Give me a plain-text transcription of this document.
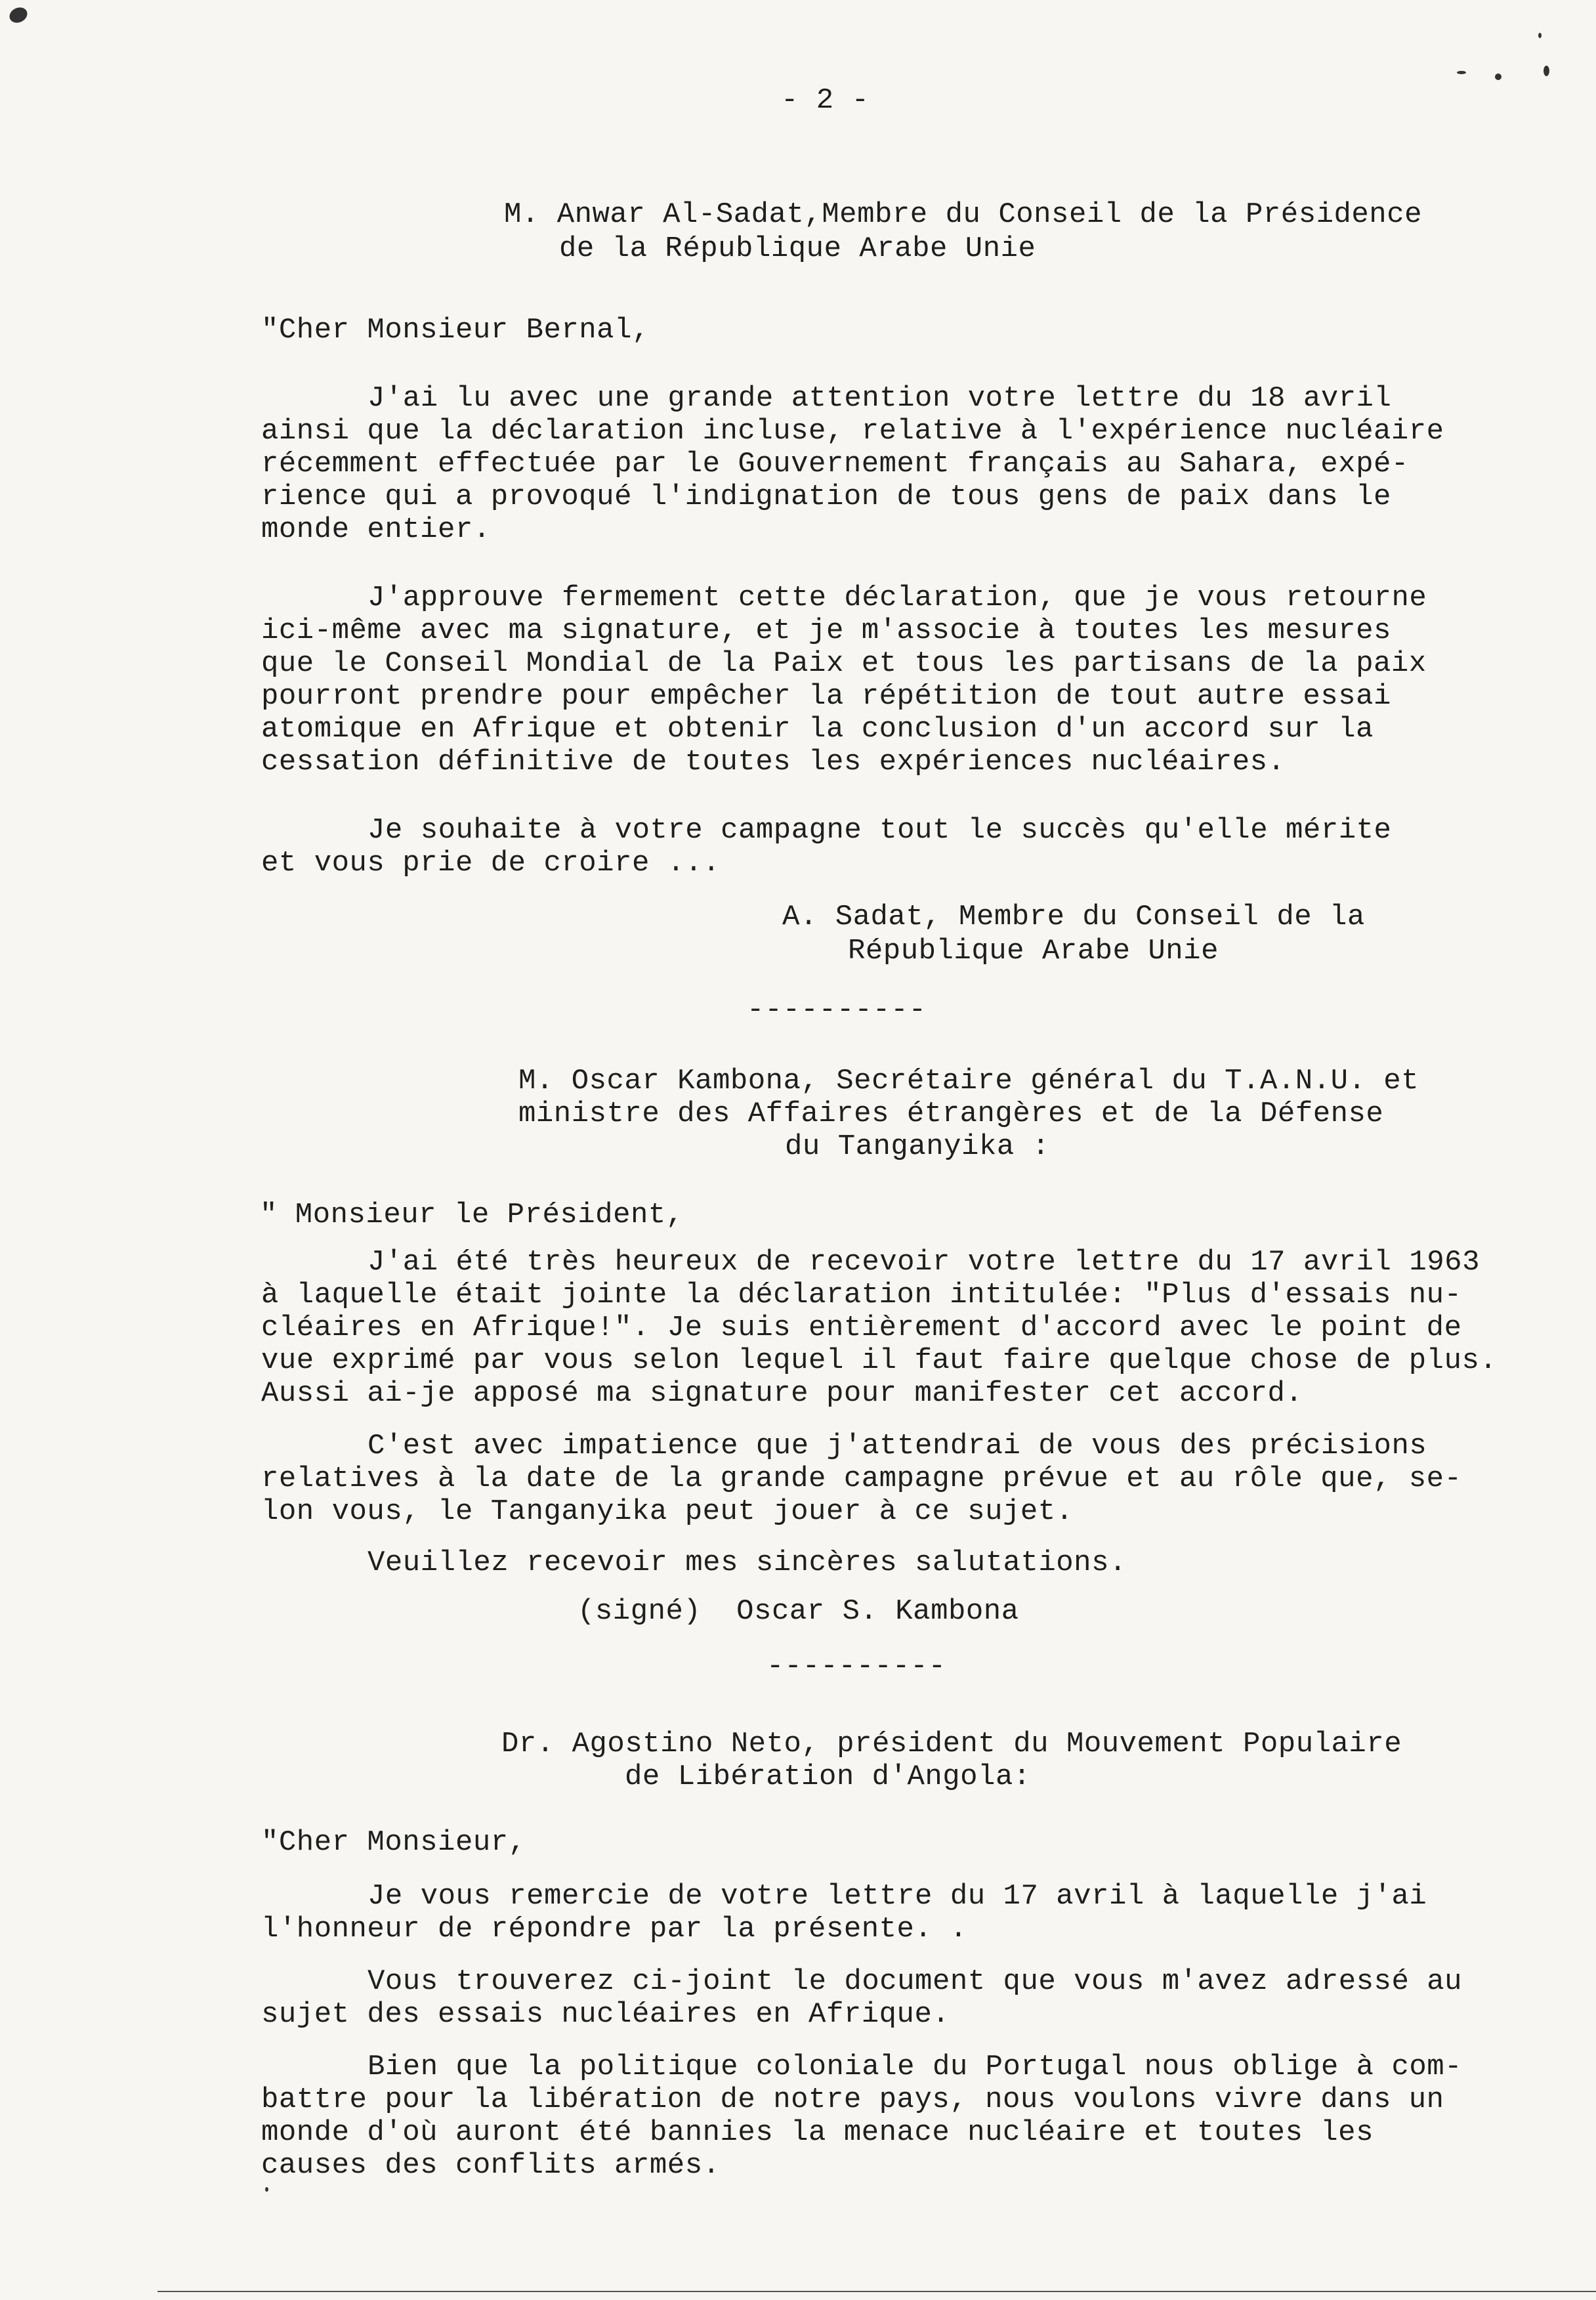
- 2 -
M. Anwar Al-Sadat,Membre du Conseil de la Présidence
de la République Arabe Unie
"Cher Monsieur Bernal,
J'ai lu avec une grande attention votre lettre du 18 avril
ainsi que la déclaration incluse, relative à l'expérience nucléaire
récemment effectuée par le Gouvernement français au Sahara, expé-
rience qui a provoqué l'indignation de tous gens de paix dans le
monde entier.
J'approuve fermement cette déclaration, que je vous retourne
ici-même avec ma signature, et je m'associe à toutes les mesures
que le Conseil Mondial de la Paix et tous les partisans de la paix
pourront prendre pour empêcher la répétition de tout autre essai
atomique en Afrique et obtenir la conclusion d'un accord sur la
cessation définitive de toutes les expériences nucléaires.
Je souhaite à votre campagne tout le succès qu'elle mérite
et vous prie de croire ...
A. Sadat, Membre du Conseil de la
République Arabe Unie
----------
M. Oscar Kambona, Secrétaire général du T.A.N.U. et
ministre des Affaires étrangères et de la Défense
du Tanganyika :
" Monsieur le Président,
J'ai été très heureux de recevoir votre lettre du 17 avril 1963
à laquelle était jointe la déclaration intitulée: "Plus d'essais nu-
cléaires en Afrique!". Je suis entièrement d'accord avec le point de
vue exprimé par vous selon lequel il faut faire quelque chose de plus.
Aussi ai-je apposé ma signature pour manifester cet accord.
C'est avec impatience que j'attendrai de vous des précisions
relatives à la date de la grande campagne prévue et au rôle que, se-
lon vous, le Tanganyika peut jouer à ce sujet.
Veuillez recevoir mes sincères salutations.
(signé)  Oscar S. Kambona
----------
Dr. Agostino Neto, président du Mouvement Populaire
de Libération d'Angola:
"Cher Monsieur,
Je vous remercie de votre lettre du 17 avril à laquelle j'ai
l'honneur de répondre par la présente. .
Vous trouverez ci-joint le document que vous m'avez adressé au
sujet des essais nucléaires en Afrique.
Bien que la politique coloniale du Portugal nous oblige à com-
battre pour la libération de notre pays, nous voulons vivre dans un
monde d'où auront été bannies la menace nucléaire et toutes les
causes des conflits armés.
